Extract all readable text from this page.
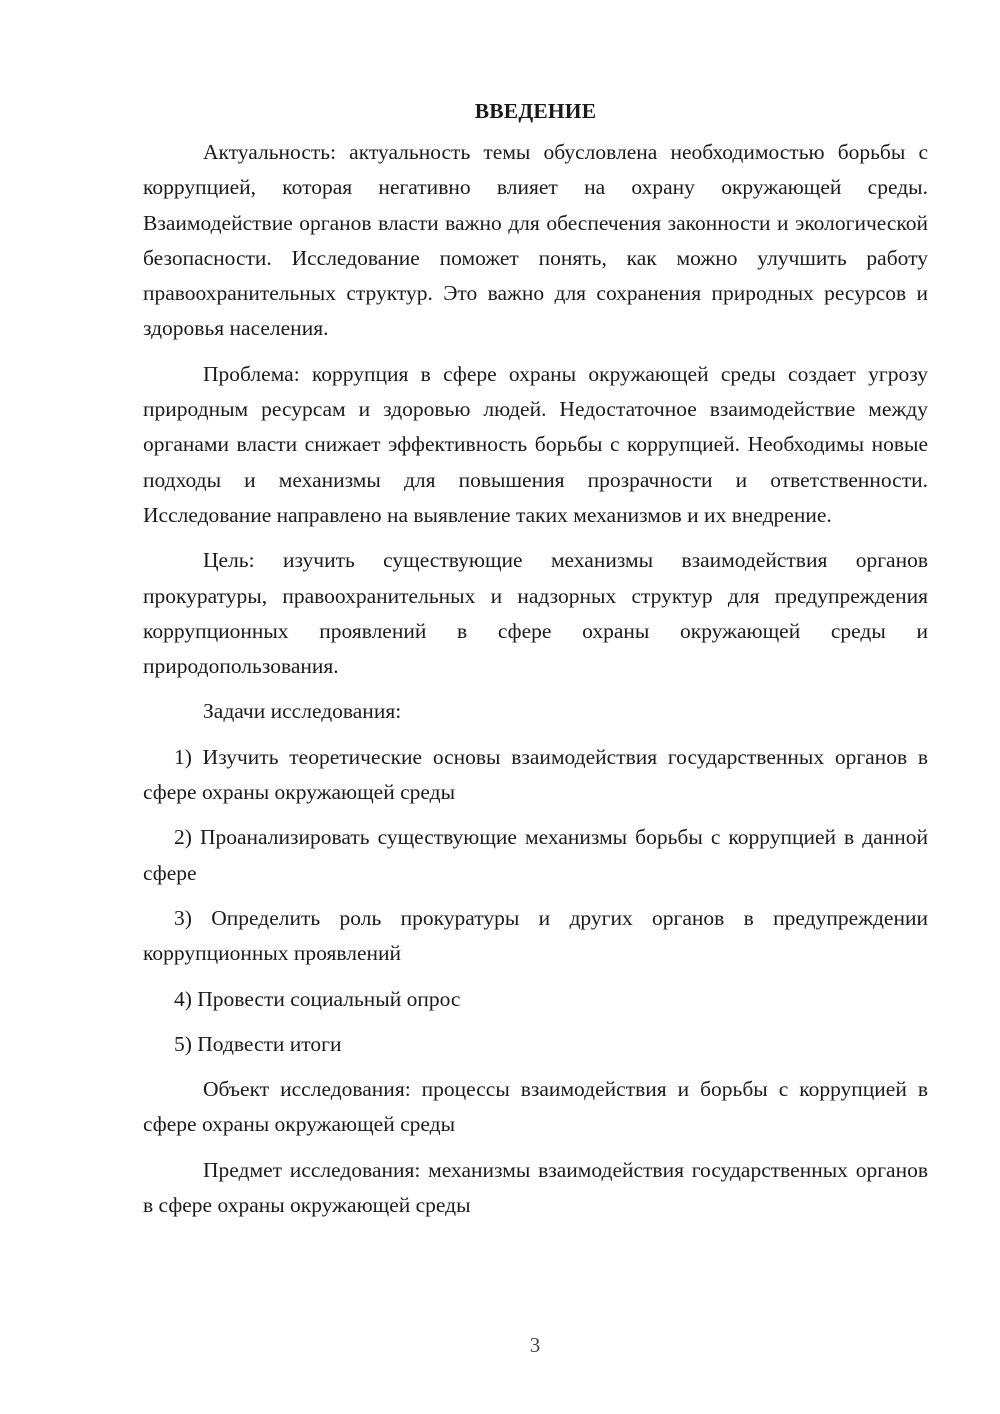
ВВЕДЕНИЕ

Актуальность: актуальность темы обусловлена необходимостью борьбы с коррупцией, которая негативно влияет на охрану окружающей среды. Взаимодействие органов власти важно для обеспечения законности и экологической безопасности. Исследование поможет понять, как можно улучшить работу правоохранительных структур. Это важно для сохранения природных ресурсов и здоровья населения.

Проблема: коррупция в сфере охраны окружающей среды создает угрозу природным ресурсам и здоровью людей. Недостаточное взаимодействие между органами власти снижает эффективность борьбы с коррупцией. Необходимы новые подходы и механизмы для повышения прозрачности и ответственности. Исследование направлено на выявление таких механизмов и их внедрение.

Цель: изучить существующие механизмы взаимодействия органов прокуратуры, правоохранительных и надзорных структур для предупреждения коррупционных проявлений в сфере охраны окружающей среды и природопользования.

Задачи исследования:

1) Изучить теоретические основы взаимодействия государственных органов в сфере охраны окружающей среды

2) Проанализировать существующие механизмы борьбы с коррупцией в данной сфере

3) Определить роль прокуратуры и других органов в предупреждении коррупционных проявлений

4) Провести социальный опрос

5) Подвести итоги

Объект исследования: процессы взаимодействия и борьбы с коррупцией в сфере охраны окружающей среды

Предмет исследования: механизмы взаимодействия государственных органов в сфере охраны окружающей среды

3
